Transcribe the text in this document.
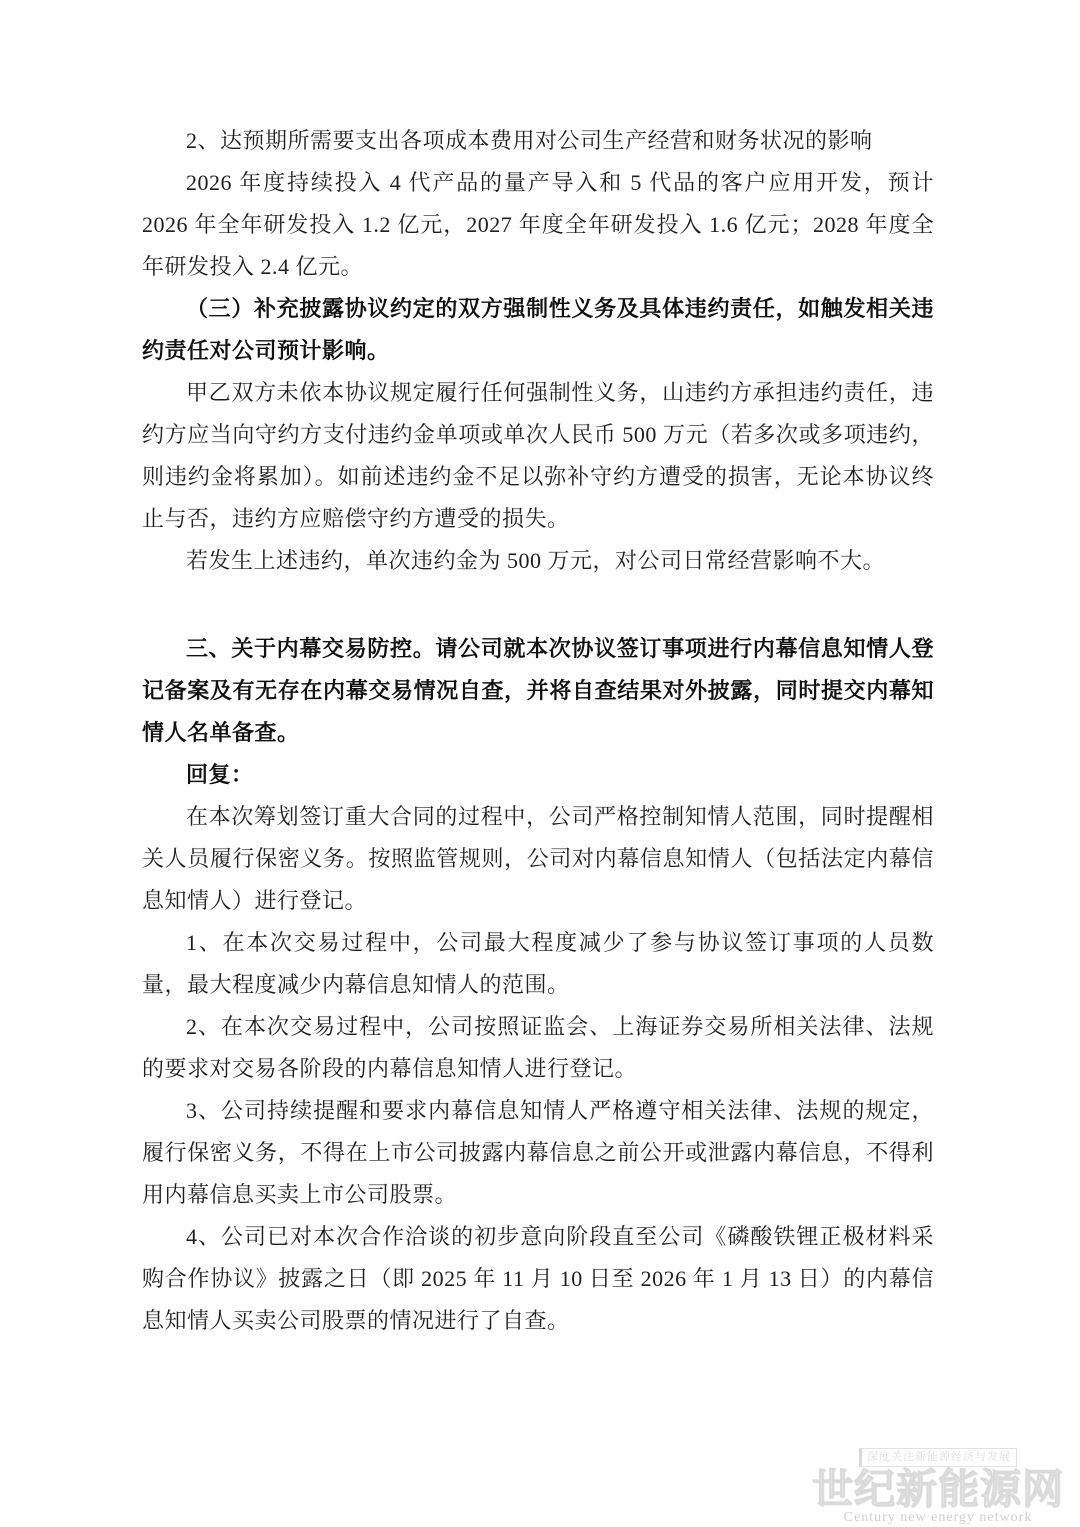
2、达预期所需要支出各项成本费用对公司生产经营和财务状况的影响

2026 年度持续投入 4 代产品的量产导入和 5 代品的客户应用开发，预计 2026 年全年研发投入 1.2 亿元，2027 年度全年研发投入 1.6 亿元；2028 年度全年研发投入 2.4 亿元。

（三）补充披露协议约定的双方强制性义务及具体违约责任，如触发相关违约责任对公司预计影响。

甲乙双方未依本协议规定履行任何强制性义务，山违约方承担违约责任，违约方应当向守约方支付违约金单项或单次人民币 500 万元（若多次或多项违约，则违约金将累加）。如前述违约金不足以弥补守约方遭受的损害，无论本协议终止与否，违约方应赔偿守约方遭受的损失。

若发生上述违约，单次违约金为 500 万元，对公司日常经营影响不大。

三、关于内幕交易防控。请公司就本次协议签订事项进行内幕信息知情人登记备案及有无存在内幕交易情况自查，并将自查结果对外披露，同时提交内幕知情人名单备查。

回复：

在本次筹划签订重大合同的过程中，公司严格控制知情人范围，同时提醒相关人员履行保密义务。按照监管规则，公司对内幕信息知情人（包括法定内幕信息知情人）进行登记。

1、在本次交易过程中，公司最大程度减少了参与协议签订事项的人员数量，最大程度减少内幕信息知情人的范围。

2、在本次交易过程中，公司按照证监会、上海证券交易所相关法律、法规的要求对交易各阶段的内幕信息知情人进行登记。

3、公司持续提醒和要求内幕信息知情人严格遵守相关法律、法规的规定，履行保密义务，不得在上市公司披露内幕信息之前公开或泄露内幕信息，不得利用内幕信息买卖上市公司股票。

4、公司已对本次合作洽谈的初步意向阶段直至公司《磷酸铁锂正极材料采购合作协议》披露之日（即 2025 年 11 月 10 日至 2026 年 1 月 13 日）的内幕信息知情人买卖公司股票的情况进行了自查。

深度关注新能源经济与发展
世纪新能源网
Century new energy network
